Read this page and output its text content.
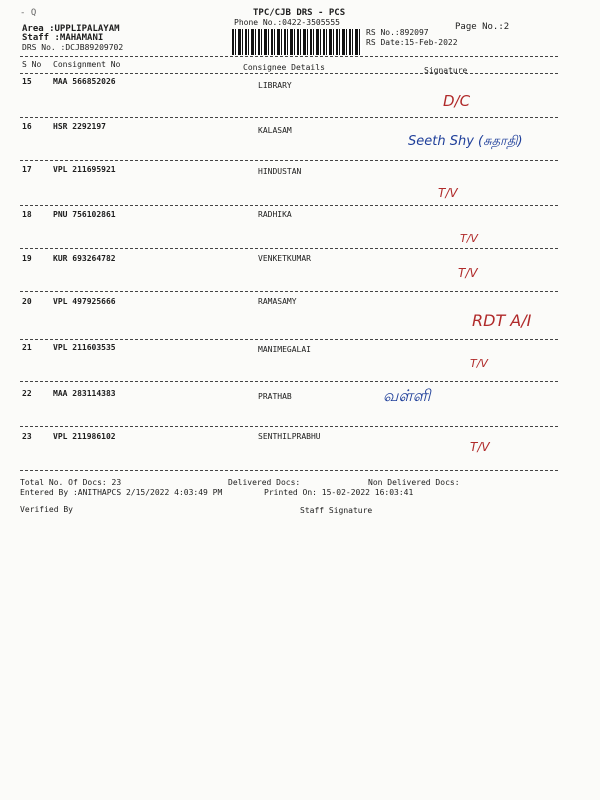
- Q	TPC/CJB DRS - PCS
Phone No.:0422-3505555	Page No.:2
Area :UPPLIPALAYAM
Staff :MAHAMANI
DRS No. :DCJB89209702
RS No.:892097
RS Date:15-Feb-2022
S No Consignment No	Consignee Details	Signature
15	MAA 566852026	LIBRARY
D/C
16	HSR 2292197	KALASAM
Seeth Shy (சுதாதி)
17	VPL 211695921	HINDUSTAN
T/V
18	PNU 756102861	RADHIKA
T/V
19	KUR 693264782	VENKETKUMAR
T/V
20	VPL 497925666	RAMASAMY
RDT A/I
21	VPL 211603535	MANIMEGALAI
T/V
22	MAA 283114383	PRATHAB	வள்ளி
23	VPL 211986102	SENTHILPRABHU
T/V
Total No. Of Docs: 23	Delivered Docs:	Non Delivered Docs:
Entered By :ANITHAPCS 2/15/2022 4:03:49 PM	Printed On: 15-02-2022 16:03:41
Verified By	Staff Signature
